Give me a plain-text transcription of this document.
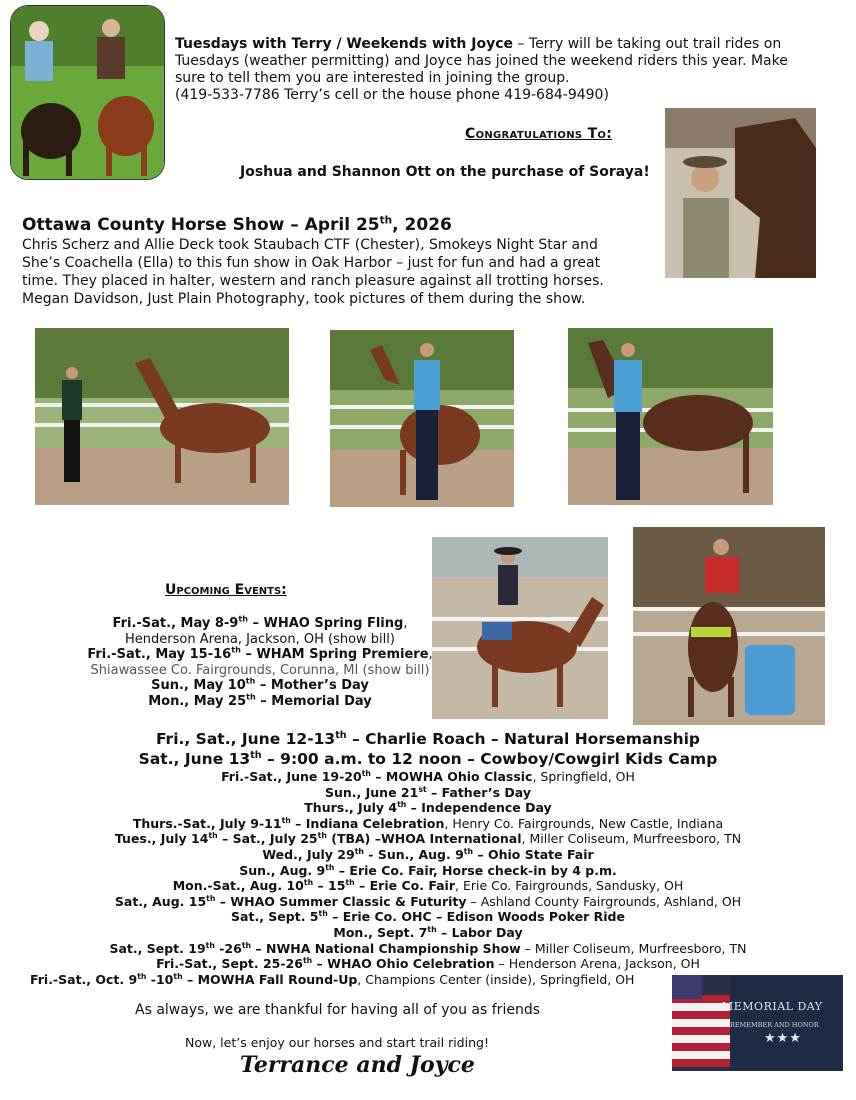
Tuesdays with Terry / Weekends with Joyce – Terry will be taking out trail rides on Tuesdays (weather permitting) and Joyce has joined the weekend riders this year. Make sure to tell them you are interested in joining the group.
(419-533-7786 Terry’s cell or the house phone 419-684-9490)
Congratulations To:
Joshua and Shannon Ott on the purchase of Soraya!
Ottawa County Horse Show – April 25th, 2026
Chris Scherz and Allie Deck took Staubach CTF (Chester), Smokeys Night Star and She’s Coachella (Ella) to this fun show in Oak Harbor – just for fun and had a great time. They placed in halter, western and ranch pleasure against all trotting horses. Megan Davidson, Just Plain Photography, took pictures of them during the show.
Upcoming Events:
Fri.-Sat., May 8-9th – WHAO Spring Fling,
Henderson Arena, Jackson, OH (show bill)
Fri.-Sat., May 15-16th – WHAM Spring Premiere,
Shiawassee Co. Fairgrounds, Corunna, MI (show bill)
Sun., May 10th – Mother’s Day
Mon., May 25th – Memorial Day
Fri., Sat., June 12-13th – Charlie Roach – Natural Horsemanship
Sat., June 13th – 9:00 a.m. to 12 noon – Cowboy/Cowgirl Kids Camp
Fri.-Sat., June 19-20th – MOWHA Ohio Classic, Springfield, OH
Sun., June 21st – Father’s Day
Thurs., July 4th – Independence Day
Thurs.-Sat., July 9-11th – Indiana Celebration, Henry Co. Fairgrounds, New Castle, Indiana
Tues., July 14th – Sat., July 25th (TBA) –WHOA International, Miller Coliseum, Murfreesboro, TN
Wed., July 29th - Sun., Aug. 9th – Ohio State Fair
Sun., Aug. 9th – Erie Co. Fair, Horse check-in by 4 p.m.
Mon.-Sat., Aug. 10th – 15th – Erie Co. Fair, Erie Co. Fairgrounds, Sandusky, OH
Sat., Aug. 15th – WHAO Summer Classic & Futurity – Ashland County Fairgrounds, Ashland, OH
Sat., Sept. 5th – Erie Co. OHC – Edison Woods Poker Ride
Mon., Sept. 7th – Labor Day
Sat., Sept. 19th -26th – NWHA National Championship Show – Miller Coliseum, Murfreesboro, TN
Fri.-Sat., Sept. 25-26th – WHAO Ohio Celebration – Henderson Arena, Jackson, OH
Fri.-Sat., Oct. 9th -10th – MOWHA Fall Round-Up, Champions Center (inside), Springfield, OH
As always, we are thankful for having all of you as friends
Now, let’s enjoy our horses and start trail riding!
Terrance and Joyce
MEMORIAL DAY
REMEMBER AND HONOR
★★★
